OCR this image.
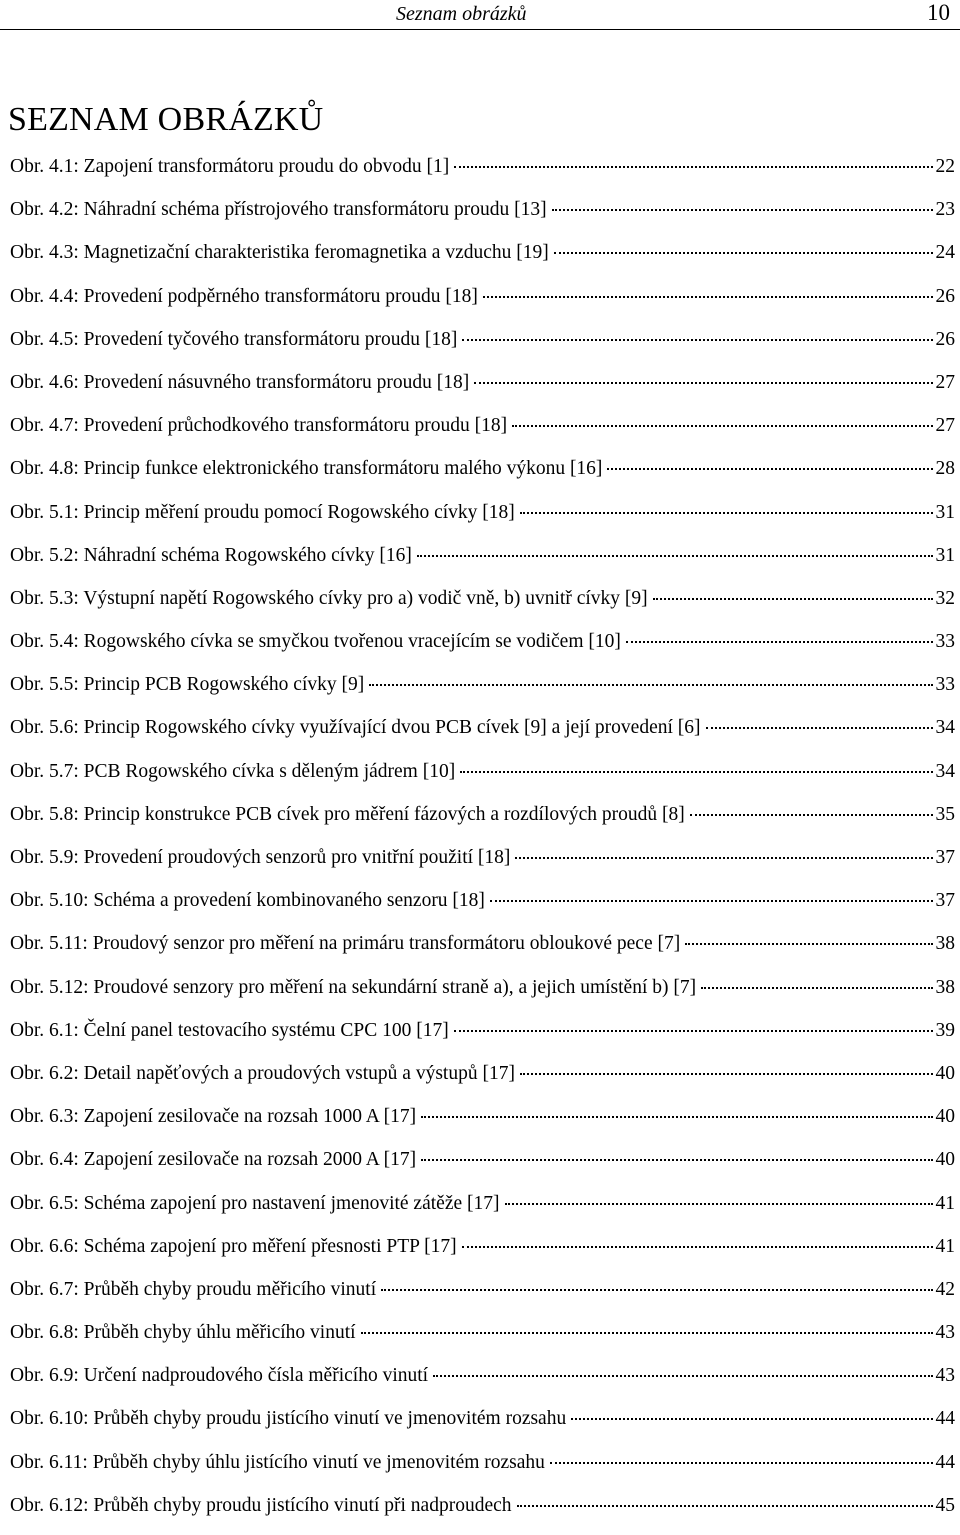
Seznam obrázků	10
SEZNAM OBRÁZKŮ
Obr. 4.1: Zapojení transformátoru proudu do obvodu [1]	22
Obr. 4.2: Náhradní schéma přístrojového transformátoru proudu [13]	23
Obr. 4.3: Magnetizační charakteristika feromagnetika a vzduchu [19]	24
Obr. 4.4: Provedení podpěrného transformátoru proudu [18]	26
Obr. 4.5: Provedení tyčového transformátoru proudu [18]	26
Obr. 4.6: Provedení násuvného transformátoru proudu [18]	27
Obr. 4.7: Provedení průchodkového transformátoru proudu [18]	27
Obr. 4.8: Princip funkce elektronického transformátoru malého výkonu [16]	28
Obr. 5.1: Princip měření proudu pomocí Rogowského cívky [18]	31
Obr. 5.2: Náhradní schéma Rogowského cívky [16]	31
Obr. 5.3: Výstupní napětí Rogowského cívky pro a) vodič vně, b) uvnitř cívky [9]	32
Obr. 5.4: Rogowského cívka se smyčkou tvořenou vracejícím se vodičem [10]	33
Obr. 5.5: Princip PCB Rogowského cívky [9]	33
Obr. 5.6: Princip Rogowského cívky využívající dvou PCB cívek [9] a její provedení [6]	34
Obr. 5.7: PCB Rogowského cívka s děleným jádrem [10]	34
Obr. 5.8: Princip konstrukce PCB cívek pro měření fázových a rozdílových proudů [8]	35
Obr. 5.9: Provedení proudových senzorů pro vnitřní použití [18]	37
Obr. 5.10: Schéma a provedení kombinovaného senzoru [18]	37
Obr. 5.11: Proudový senzor pro měření na primáru transformátoru obloukové pece [7]	38
Obr. 5.12: Proudové senzory pro měření na sekundární straně a), a jejich umístění b) [7]	38
Obr. 6.1: Čelní panel testovacího systému CPC 100 [17]	39
Obr. 6.2: Detail napěťových a proudových vstupů a výstupů [17]	40
Obr. 6.3: Zapojení zesilovače na rozsah 1000 A [17]	40
Obr. 6.4: Zapojení zesilovače na rozsah 2000 A [17]	40
Obr. 6.5: Schéma zapojení pro nastavení jmenovité zátěže [17]	41
Obr. 6.6: Schéma zapojení pro měření přesnosti PTP [17]	41
Obr. 6.7: Průběh chyby proudu měřicího vinutí	42
Obr. 6.8: Průběh chyby úhlu měřicího vinutí	43
Obr. 6.9: Určení nadproudového čísla měřicího vinutí	43
Obr. 6.10: Průběh chyby proudu jistícího vinutí ve jmenovitém rozsahu	44
Obr. 6.11: Průběh chyby úhlu jistícího vinutí ve jmenovitém rozsahu	44
Obr. 6.12: Průběh chyby proudu jistícího vinutí při nadproudech	45
